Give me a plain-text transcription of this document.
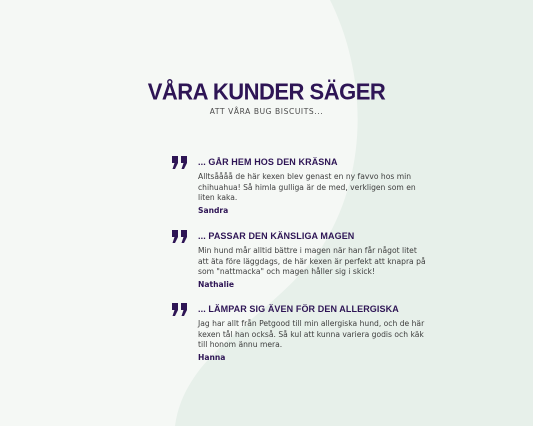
VÅRA KUNDER SÄGER
ATT VÅRA BUG BISCUITS...
... GÅR HEM HOS DEN KRÄSNA
Alltsåååå de här kexen blev genast en ny favvo hos min chihuahua! Så himla gulliga är de med, verkligen som en liten kaka.
Sandra
... PASSAR DEN KÄNSLIGA MAGEN
Min hund mår alltid bättre i magen när han får något litet att äta före läggdags, de här kexen är perfekt att knapra på som "nattmacka" och magen håller sig i skick!
Nathalie
... LÄMPAR SIG ÄVEN FÖR DEN ALLERGISKA
Jag har allt från Petgood till min allergiska hund, och de här kexen tål han också. Så kul att kunna variera godis och käk till honom ännu mera.
Hanna
